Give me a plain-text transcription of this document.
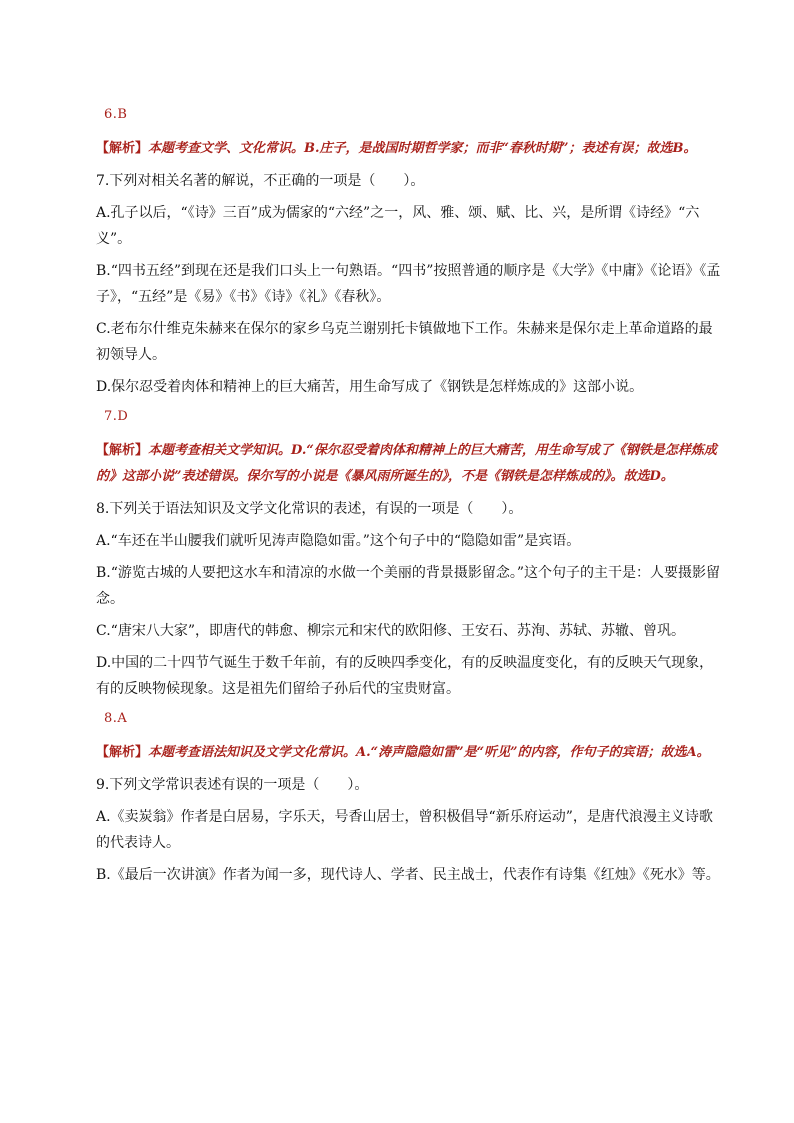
6.B

【解析】本题考查文学、文化常识。B.庄子，是战国时期哲学家；而非“春秋时期”；表述有误；故选B。

7.下列对相关名著的解说，不正确的一项是（　　）。

A.孔子以后，“《诗》三百”成为儒家的“六经”之一，风、雅、颂、赋、比、兴，是所谓《诗经》“六义”。

B.“四书五经”到现在还是我们口头上一句熟语。“四书”按照普通的顺序是《大学》《中庸》《论语》《孟子》，“五经”是《易》《书》《诗》《礼》《春秋》。

C.老布尔什维克朱赫来在保尔的家乡乌克兰谢别托卡镇做地下工作。朱赫来是保尔走上革命道路的最初领导人。

D.保尔忍受着肉体和精神上的巨大痛苦，用生命写成了《钢铁是怎样炼成的》这部小说。

7.D

【解析】本题考查相关文学知识。D.“保尔忍受着肉体和精神上的巨大痛苦，用生命写成了《钢铁是怎样炼成的》这部小说”表述错误。保尔写的小说是《暴风雨所诞生的》，不是《钢铁是怎样炼成的》。故选D。

8.下列关于语法知识及文学文化常识的表述，有误的一项是（　　）。

A.“车还在半山腰我们就听见涛声隐隐如雷。”这个句子中的“隐隐如雷”是宾语。

B.“游览古城的人要把这水车和清凉的水做一个美丽的背景摄影留念。”这个句子的主干是：人要摄影留念。

C.“唐宋八大家”，即唐代的韩愈、柳宗元和宋代的欧阳修、王安石、苏洵、苏轼、苏辙、曾巩。

D.中国的二十四节气诞生于数千年前，有的反映四季变化，有的反映温度变化，有的反映天气现象，有的反映物候现象。这是祖先们留给子孙后代的宝贵财富。

8.A

【解析】本题考查语法知识及文学文化常识。A.“涛声隐隐如雷”是“听见”的内容，作句子的宾语；故选A。

9.下列文学常识表述有误的一项是（　　）。

A.《卖炭翁》作者是白居易，字乐天，号香山居士，曾积极倡导“新乐府运动”，是唐代浪漫主义诗歌的代表诗人。

B.《最后一次讲演》作者为闻一多，现代诗人、学者、民主战士，代表作有诗集《红烛》《死水》等。
